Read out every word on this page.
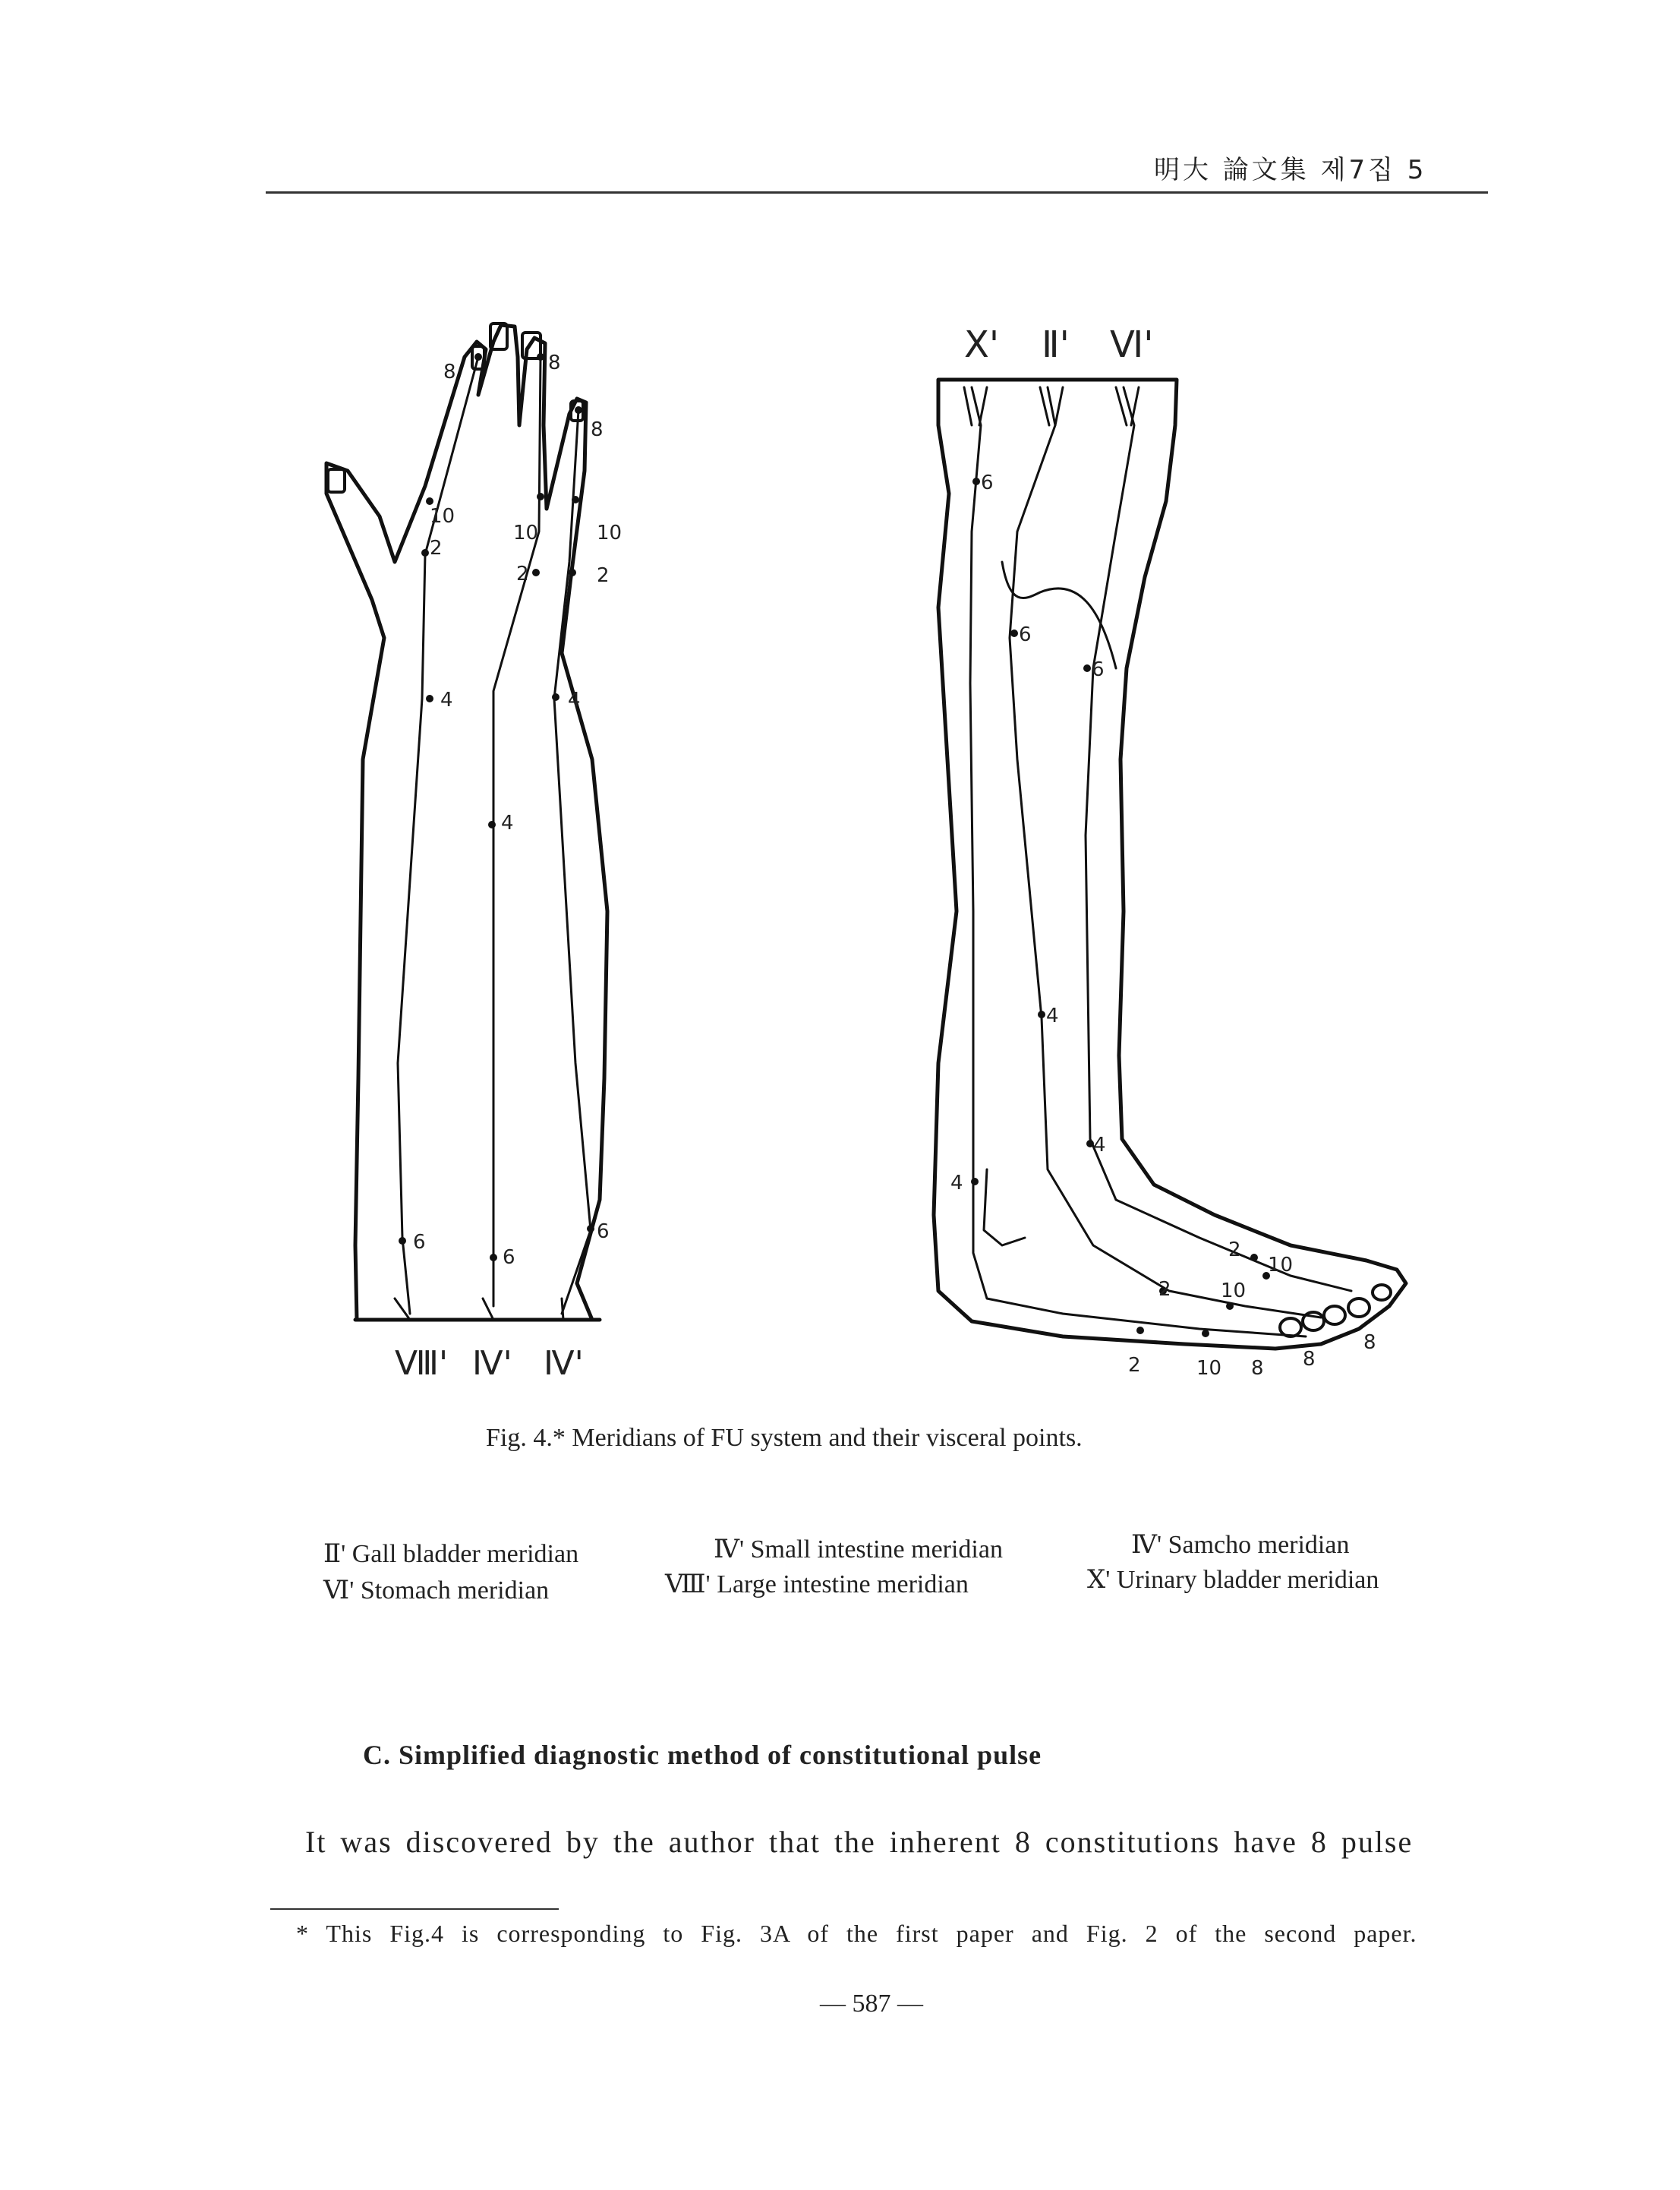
明大 論文集 제7집 5
8	8
8
10
2
10
2
10
2
4
4
4
6
6
6
Ⅷ' Ⅳ' Ⅳ'
Ⅹ' Ⅱ' Ⅵ'
6
6
6
4
4
4
2
10
2	10
2	10 8 8
8
Fig. 4.* Meridians of FU system and their visceral points.
Ⅱ' Gall bladder meridian	Ⅳ' Small intestine meridian	Ⅳ' Samcho meridian
Ⅵ' Stomach meridian	Ⅷ' Large intestine meridian	Ⅹ' Urinary bladder meridian
C. Simplified diagnostic method of constitutional pulse
It was discovered by the author that the inherent 8 constitutions have 8 pulse
* This Fig.4 is corresponding to Fig. 3A of the first paper and Fig. 2 of the second paper.
— 587 —
